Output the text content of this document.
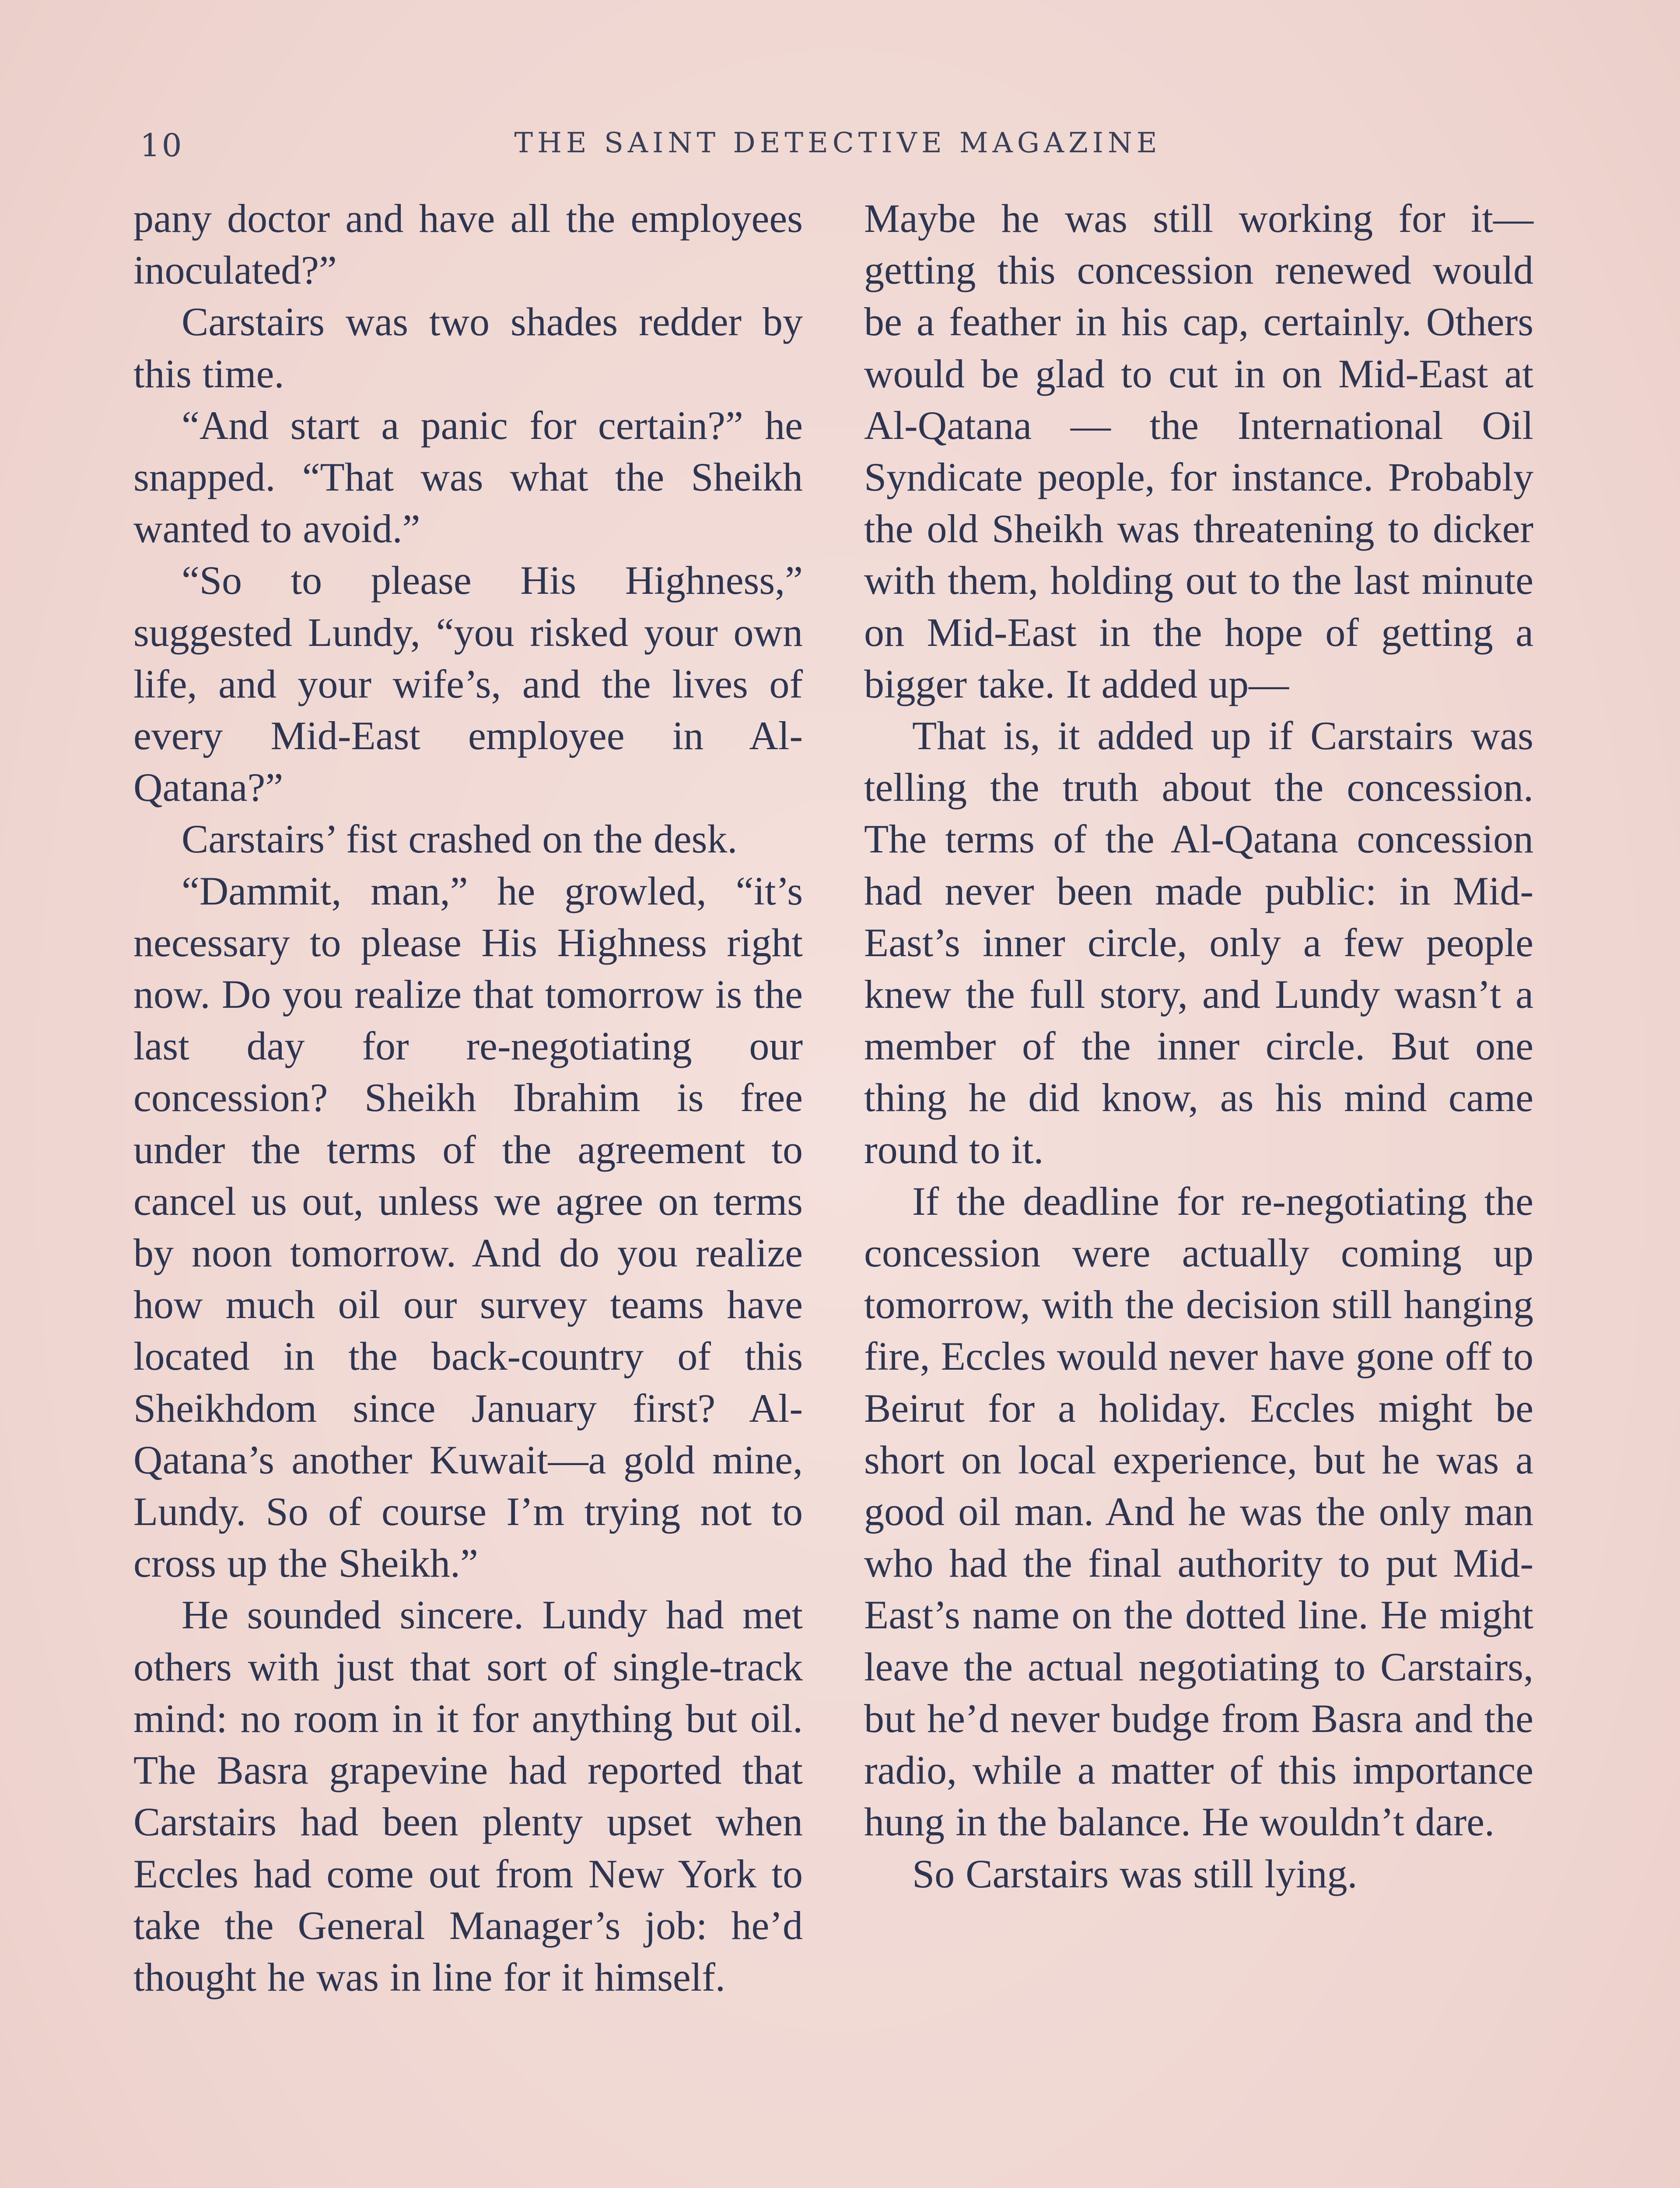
10	THE SAINT DETECTIVE MAGAZINE

pany doctor and have all the employees inoculated?”

Carstairs was two shades redder by this time.

“And start a panic for certain?” he snapped. “That was what the Sheikh wanted to avoid.”

“So to please His Highness,” suggested Lundy, “you risked your own life, and your wife’s, and the lives of every Mid-East employee in Al-Qatana?”

Carstairs’ fist crashed on the desk.

“Dammit, man,” he growled, “it’s necessary to please His Highness right now. Do you realize that tomorrow is the last day for re-negotiating our concession? Sheikh Ibrahim is free under the terms of the agreement to cancel us out, unless we agree on terms by noon tomorrow. And do you realize how much oil our survey teams have located in the back-country of this Sheikhdom since January first? Al-Qatana’s another Kuwait—a gold mine, Lundy. So of course I’m trying not to cross up the Sheikh.”

He sounded sincere. Lundy had met others with just that sort of single-track mind: no room in it for anything but oil. The Basra grapevine had reported that Carstairs had been plenty upset when Eccles had come out from New York to take the General Manager’s job: he’d thought he was in line for it himself.

Maybe he was still working for it—getting this concession renewed would be a feather in his cap, certainly. Others would be glad to cut in on Mid-East at Al-Qatana — the International Oil Syndicate people, for instance. Probably the old Sheikh was threatening to dicker with them, holding out to the last minute on Mid-East in the hope of getting a bigger take. It added up—

That is, it added up if Carstairs was telling the truth about the concession. The terms of the Al-Qatana concession had never been made public: in Mid-East’s inner circle, only a few people knew the full story, and Lundy wasn’t a member of the inner circle. But one thing he did know, as his mind came round to it.

If the deadline for re-negotiating the concession were actually coming up tomorrow, with the decision still hanging fire, Eccles would never have gone off to Beirut for a holiday. Eccles might be short on local experience, but he was a good oil man. And he was the only man who had the final authority to put Mid-East’s name on the dotted line. He might leave the actual negotiating to Carstairs, but he’d never budge from Basra and the radio, while a matter of this importance hung in the balance. He wouldn’t dare.

So Carstairs was still lying.
